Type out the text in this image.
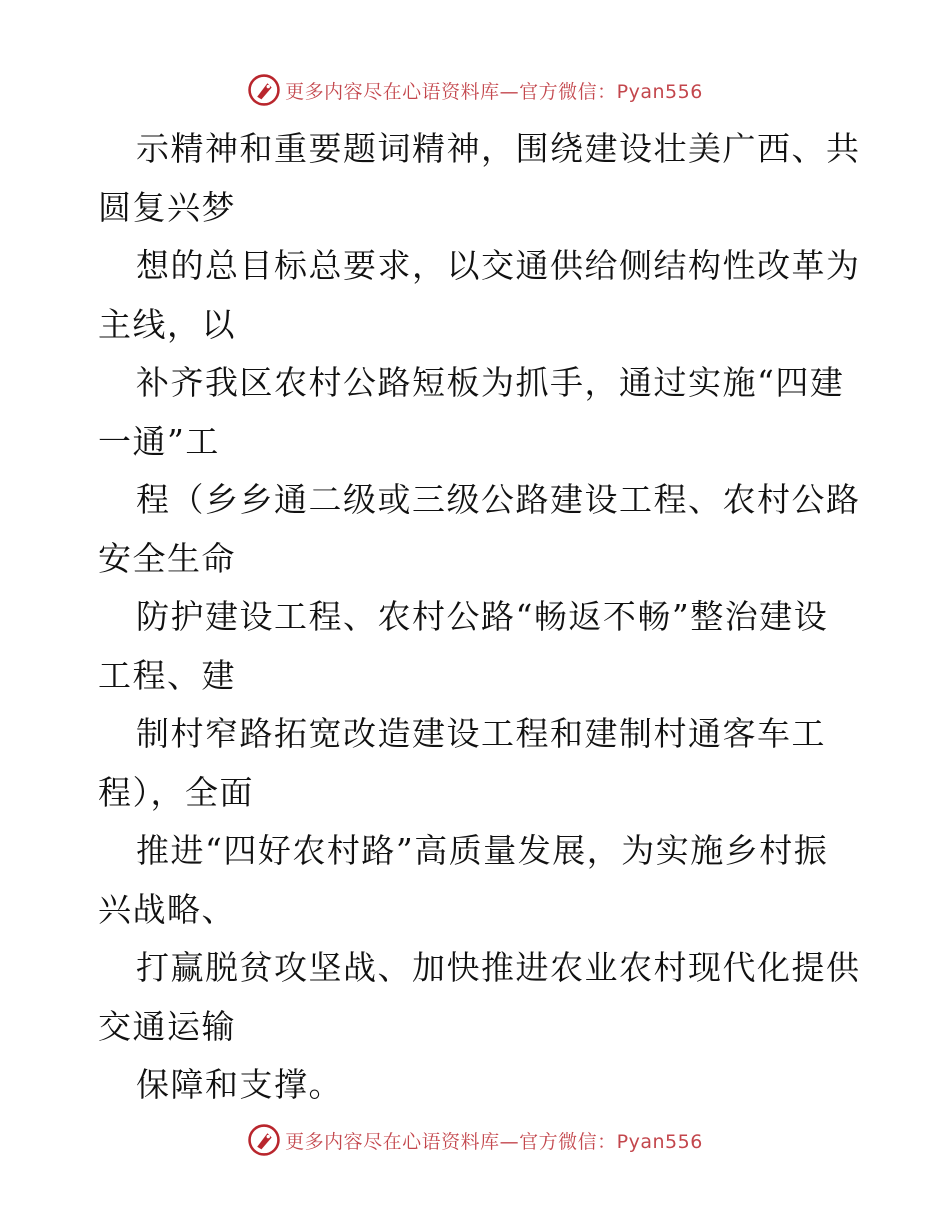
更多内容尽在心语资料库—官方微信：Pyan556
示精神和重要题词精神，围绕建设壮美广西、共
圆复兴梦
想的总目标总要求，以交通供给侧结构性改革为
主线，以
补齐我区农村公路短板为抓手，通过实施“四建
一通”工
程（乡乡通二级或三级公路建设工程、农村公路
安全生命
防护建设工程、农村公路“畅返不畅”整治建设
工程、建
制村窄路拓宽改造建设工程和建制村通客车工
程），全面
推进“四好农村路”高质量发展，为实施乡村振
兴战略、
打赢脱贫攻坚战、加快推进农业农村现代化提供
交通运输
保障和支撑。
更多内容尽在心语资料库—官方微信：Pyan556
